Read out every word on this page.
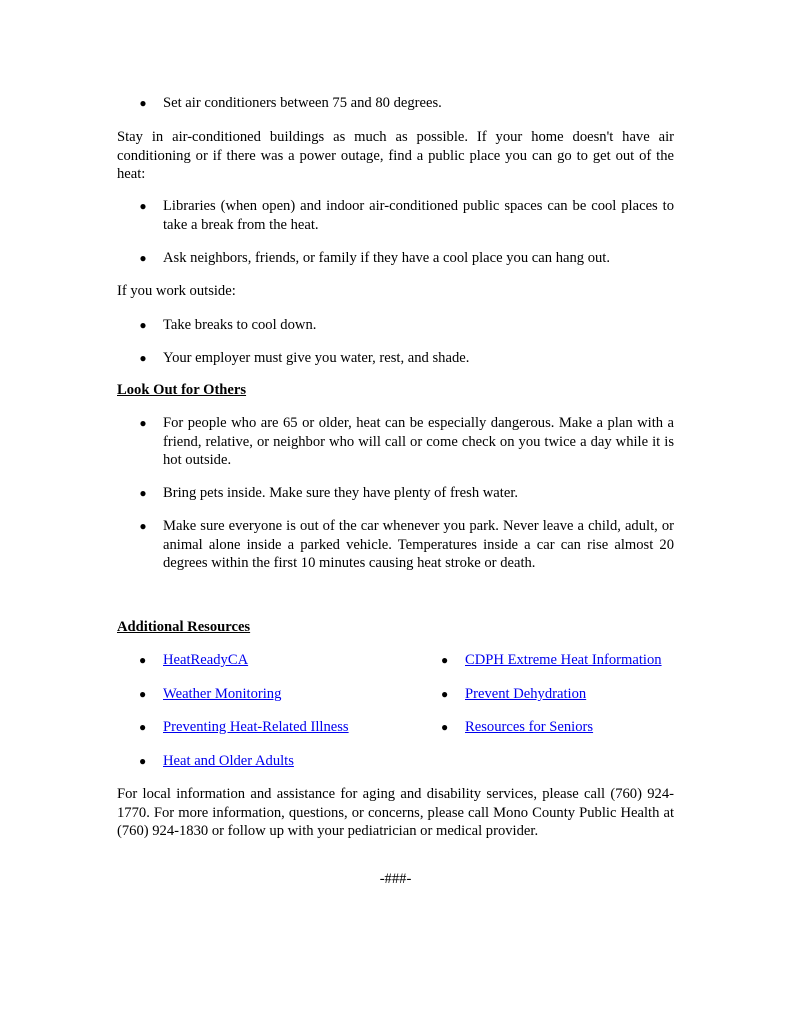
● Set air conditioners between 75 and 80 degrees.
Stay in air-conditioned buildings as much as possible. If your home doesn't have air conditioning or if there was a power outage, find a public place you can go to get out of the heat:
● Libraries (when open) and indoor air-conditioned public spaces can be cool places to take a break from the heat.
● Ask neighbors, friends, or family if they have a cool place you can hang out.
If you work outside:
● Take breaks to cool down.
● Your employer must give you water, rest, and shade.
Look Out for Others
● For people who are 65 or older, heat can be especially dangerous. Make a plan with a friend, relative, or neighbor who will call or come check on you twice a day while it is hot outside.
● Bring pets inside. Make sure they have plenty of fresh water.
● Make sure everyone is out of the car whenever you park. Never leave a child, adult, or animal alone inside a parked vehicle. Temperatures inside a car can rise almost 20 degrees within the first 10 minutes causing heat stroke or death.
Additional Resources
● HeatReadyCA
● Weather Monitoring
● Preventing Heat-Related Illness
● Heat and Older Adults
● CDPH Extreme Heat Information
● Prevent Dehydration
● Resources for Seniors
For local information and assistance for aging and disability services, please call (760) 924-1770. For more information, questions, or concerns, please call Mono County Public Health at (760) 924-1830 or follow up with your pediatrician or medical provider.
-###-
